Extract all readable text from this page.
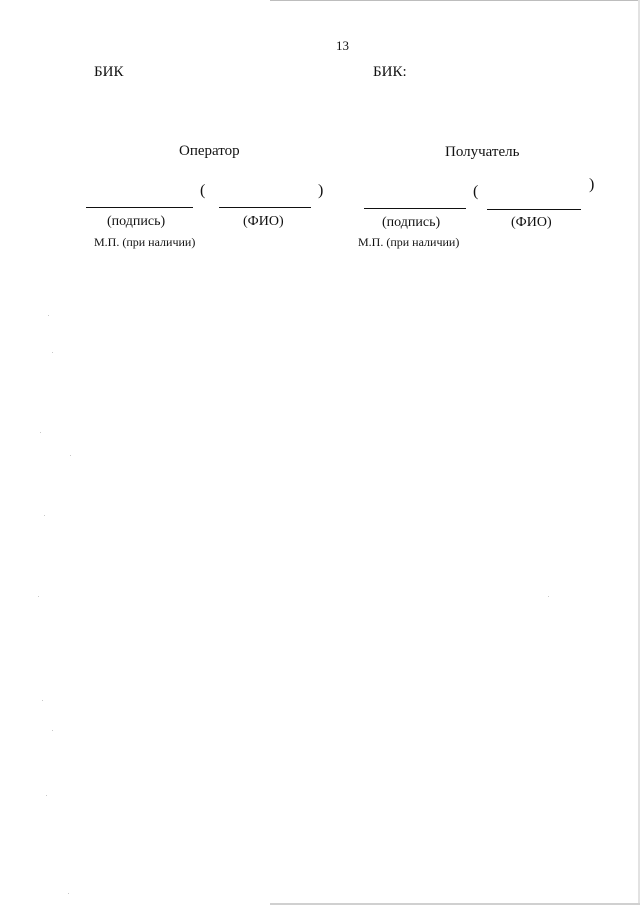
13
БИК
Оператор
(	)
(подпись)	(ФИО)
М.П. (при наличии)
БИК:
Получатель
(	)
(подпись)	(ФИО)
М.П. (при наличии)
